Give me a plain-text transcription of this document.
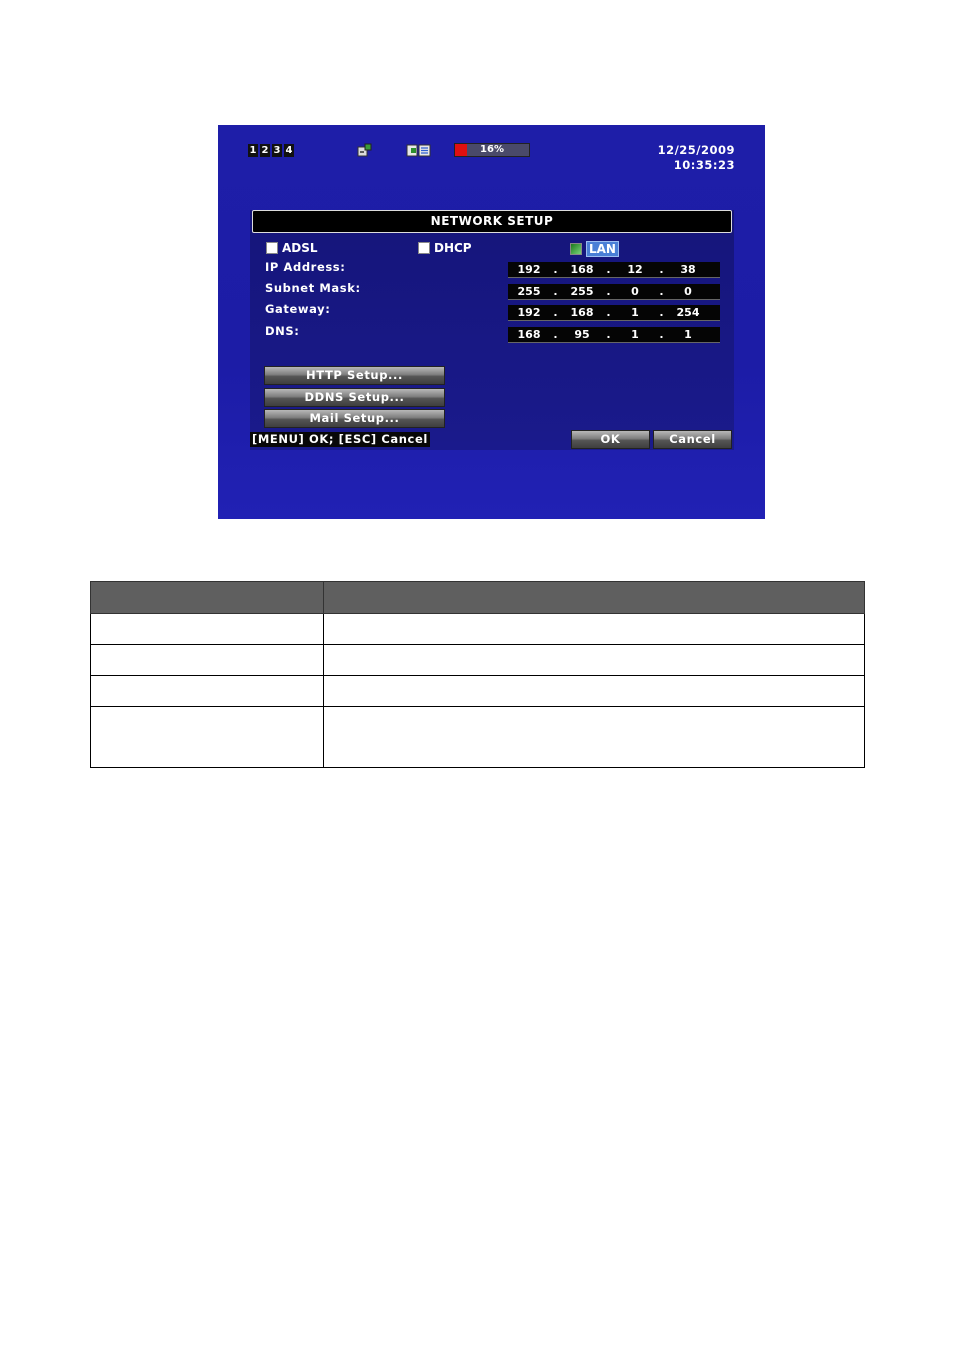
1 2 3 4	16%	12/25/2009
10:35:23
NETWORK SETUP
ADSL	DHCP	LAN
IP Address:	192	.	168	.	12	.	38
Subnet Mask:	255	.	255	.	0	.	0
Gateway:	192	.	168	.	1	.	254
DNS:	168	.	95	.	1	.	1
HTTP Setup...
DDNS Setup...
Mail Setup...
[MENU] OK; [ESC] Cancel	OK	Cancel
